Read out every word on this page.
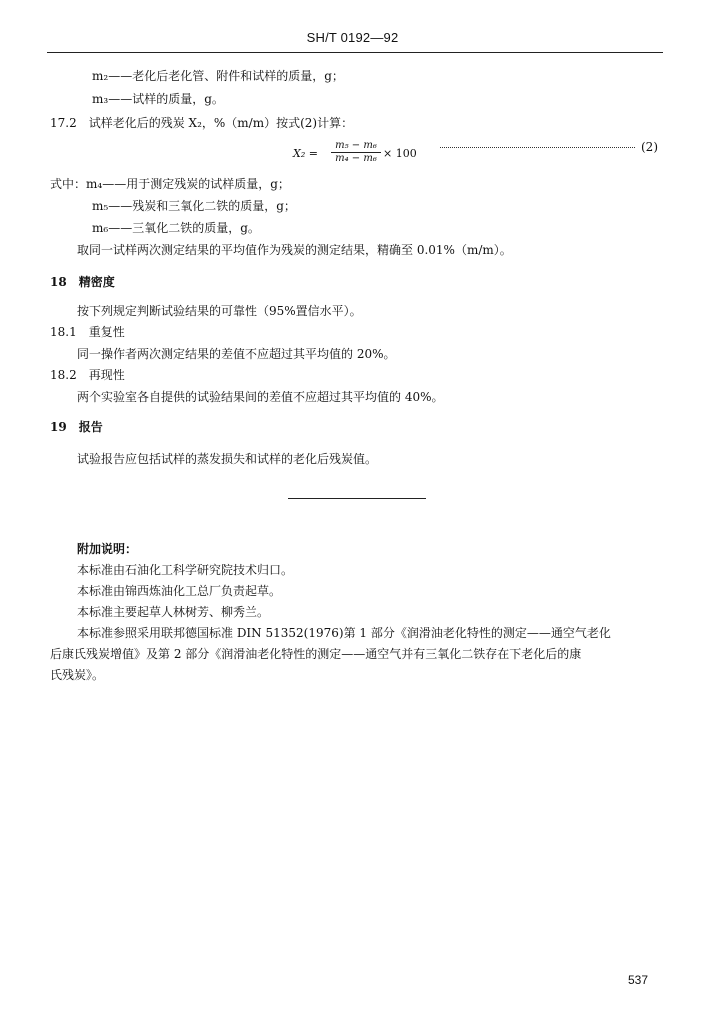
SH/T 0192—92
m₂——老化后老化管、附件和试样的质量，g；
m₃——试样的质量，g。
17.2　试样老化后的残炭 X₂，%（m/m）按式(2)计算：
$X_2 = \frac{\text{m₅ − m₆}}{\text{m₄ − m₆}} \times 100$	(2)
式中：m₄——用于测定残炭的试样质量，g；
m₅——残炭和三氧化二铁的质量，g；
m₆——三氧化二铁的质量，g。
取同一试样两次测定结果的平均值作为残炭的测定结果，精确至 0.01%（m/m）。
18　精密度
按下列规定判断试验结果的可靠性（95%置信水平）。
18.1　重复性
同一操作者两次测定结果的差值不应超过其平均值的 20%。
18.2　再现性
两个实验室各自提供的试验结果间的差值不应超过其平均值的 40%。
19　报告
试验报告应包括试样的蒸发损失和试样的老化后残炭值。
附加说明：
本标准由石油化工科学研究院技术归口。
本标准由锦西炼油化工总厂负责起草。
本标准主要起草人林树芳、柳秀兰。
本标准参照采用联邦德国标准 DIN 51352(1976)第 1 部分《润滑油老化特性的测定——通空气老化
后康氏残炭增值》及第 2 部分《润滑油老化特性的测定——通空气并有三氧化二铁存在下老化后的康
氏残炭》。
537
